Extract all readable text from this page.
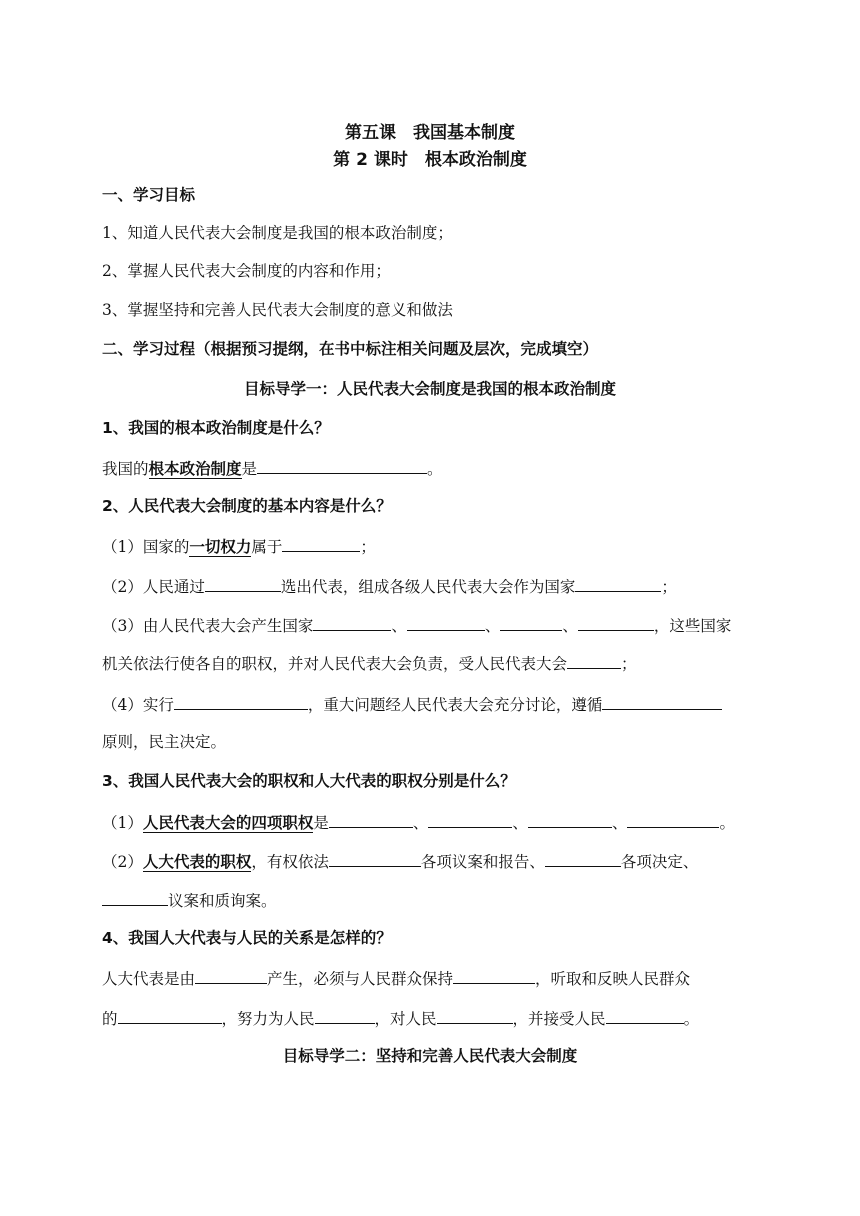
第五课　我国基本制度
第 2 课时　根本政治制度
一、学习目标
1、知道人民代表大会制度是我国的根本政治制度；
2、掌握人民代表大会制度的内容和作用；
3、掌握坚持和完善人民代表大会制度的意义和做法
二、学习过程（根据预习提纲，在书中标注相关问题及层次，完成填空）
目标导学一：人民代表大会制度是我国的根本政治制度
1、我国的根本政治制度是什么？
我国的根本政治制度是	。
2、人民代表大会制度的基本内容是什么？
（1）国家的一切权力属于	；
（2）人民通过	选出代表，组成各级人民代表大会作为国家	；
（3）由人民代表大会产生国家	、	、	、	，这些国家
机关依法行使各自的职权，并对人民代表大会负责，受人民代表大会	；
（4）实行	，重大问题经人民代表大会充分讨论，遵循
原则，民主决定。
3、我国人民代表大会的职权和人大代表的职权分别是什么？
（1）人民代表大会的四项职权是	、	、	、	。
（2）人大代表的职权，有权依法	各项议案和报告、	各项决定、
议案和质询案。
4、我国人大代表与人民的关系是怎样的？
人大代表是由	产生，必须与人民群众保持	，听取和反映人民群众
的	，努力为人民	，对人民	，并接受人民	。
目标导学二：坚持和完善人民代表大会制度
